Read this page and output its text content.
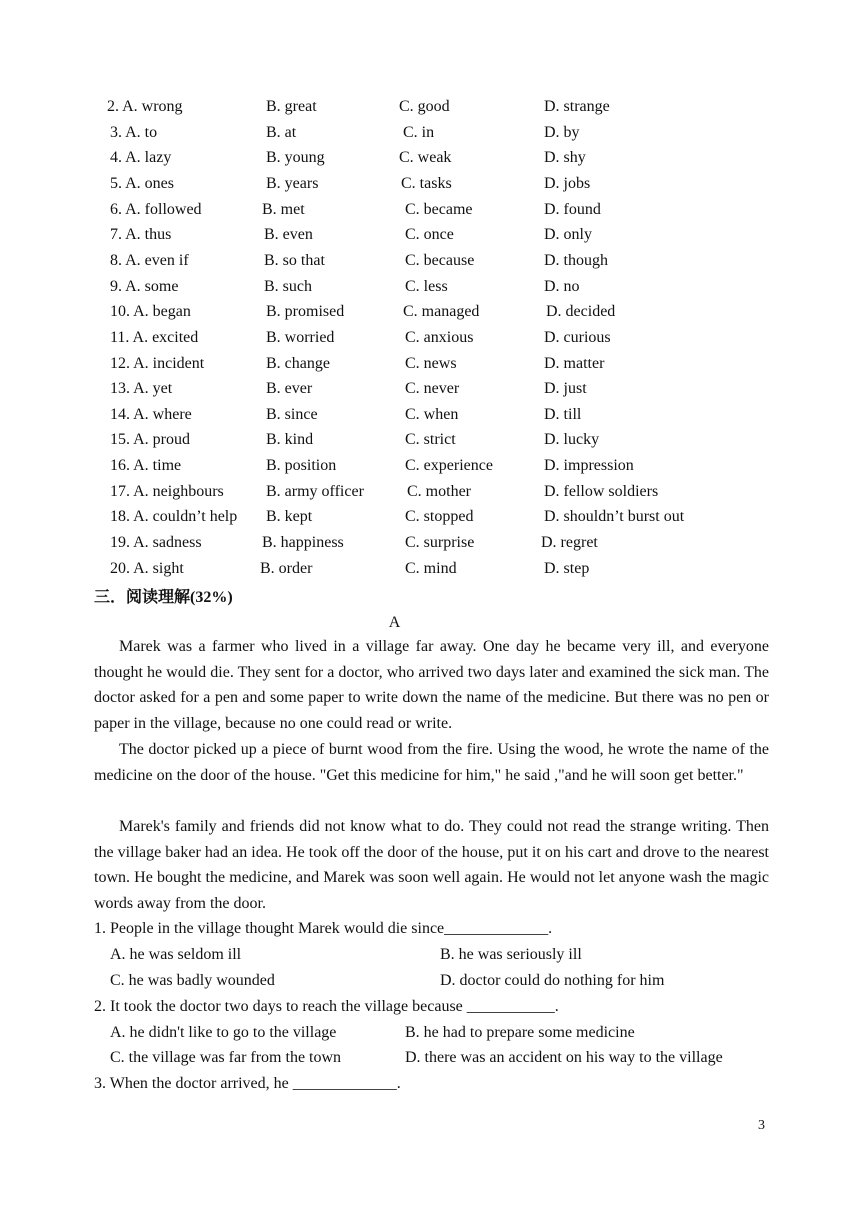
2. A. wrong	B. great	C. good	D. strange
3. A. to	B. at	C. in	D. by
4. A. lazy	B. young	C. weak	D. shy
5. A. ones	B. years	C. tasks	D. jobs
6. A. followed	B. met	C. became	D. found
7. A. thus	B. even	C. once	D. only
8. A. even if	B. so that	C. because	D. though
9. A. some	B. such	C. less	D. no
10. A. began	B. promised	C. managed	D. decided
11. A. excited	B. worried	C. anxious	D. curious
12. A. incident	B. change	C. news	D. matter
13. A. yet	B. ever	C. never	D. just
14. A. where	B. since	C. when	D. till
15. A. proud	B. kind	C. strict	D. lucky
16. A. time	B. position	C. experience	D. impression
17. A. neighbours	B. army officer	C. mother	D. fellow soldiers
18. A. couldn’t help B. kept	C. stopped	D. shouldn’t burst out
19. A. sadness	B. happiness	C. surprise	D. regret
20. A. sight	B. order	C. mind	D. step
三．阅读理解(32%)
A

Marek was a farmer who lived in a village far away. One day he became very ill, and everyone thought he would die. They sent for a doctor, who arrived two days later and examined the sick man. The doctor asked for a pen and some paper to write down the name of the medicine. But there was no pen or paper in the village, because no one could read or write.

The doctor picked up a piece of burnt wood from the fire. Using the wood, he wrote the name of the medicine on the door of the house. "Get this medicine for him," he said ,"and he will soon get better."

Marek's family and friends did not know what to do. They could not read the strange writing. Then the village baker had an idea. He took off the door of the house, put it on his cart and drove to the nearest town. He bought the medicine, and Marek was soon well again. He would not let anyone wash the magic words away from the door.

1. People in the village thought Marek would die since_____________.
A. he was seldom ill	B. he was seriously ill
C. he was badly wounded	D. doctor could do nothing for him
2. It took the doctor two days to reach the village because ___________.
A. he didn't like to go to the village	B. he had to prepare some medicine
C. the village was far from the town	D. there was an accident on his way to the village
3. When the doctor arrived, he _____________.
3
